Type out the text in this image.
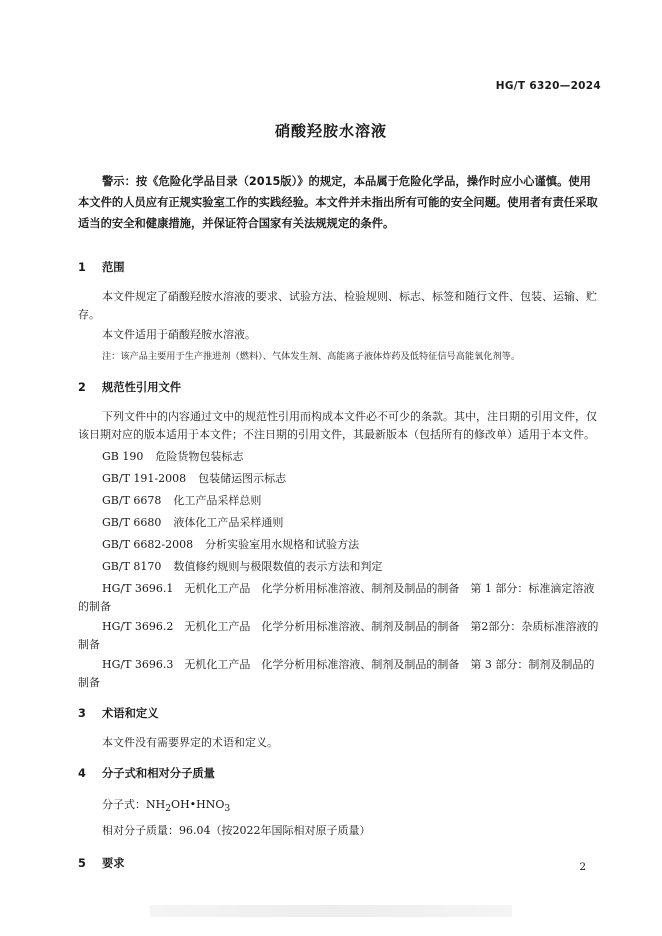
HG/T 6320—2024
硝酸羟胺水溶液

警示：按《危险化学品目录（2015版）》的规定，本品属于危险化学品，操作时应小心谨慎。使用本文件的人员应有正规实验室工作的实践经验。本文件并未指出所有可能的安全问题。使用者有责任采取适当的安全和健康措施，并保证符合国家有关法规规定的条件。

1 范围

本文件规定了硝酸羟胺水溶液的要求、试验方法、检验规则、标志、标签和随行文件、包装、运输、贮存。

本文件适用于硝酸羟胺水溶液。

注：该产品主要用于生产推进剂（燃料）、气体发生剂、高能离子液体炸药及低特征信号高能氧化剂等。

2 规范性引用文件

下列文件中的内容通过文中的规范性引用而构成本文件必不可少的条款。其中，注日期的引用文件，仅该日期对应的版本适用于本文件；不注日期的引用文件，其最新版本（包括所有的修改单）适用于本文件。

GB 190 危险货物包装标志
GB/T 191-2008 包装储运图示标志
GB/T 6678 化工产品采样总则
GB/T 6680 液体化工产品采样通则
GB/T 6682-2008 分析实验室用水规格和试验方法
GB/T 8170 数值修约规则与极限数值的表示方法和判定

HG/T 3696.1　无机化工产品　化学分析用标准溶液、制剂及制品的制备　第 1 部分：标准滴定溶液的制备

HG/T 3696.2　无机化工产品　化学分析用标准溶液、制剂及制品的制备　第2部分：杂质标准溶液的制备

HG/T 3696.3　无机化工产品　化学分析用标准溶液、制剂及制品的制备　第 3 部分：制剂及制品的制备

3 术语和定义

本文件没有需要界定的术语和定义。

4 分子式和相对分子质量

分子式：$NH_2OH•HNO_3$

相对分子质量：96.04（按2022年国际相对原子质量）

5 要求	2
